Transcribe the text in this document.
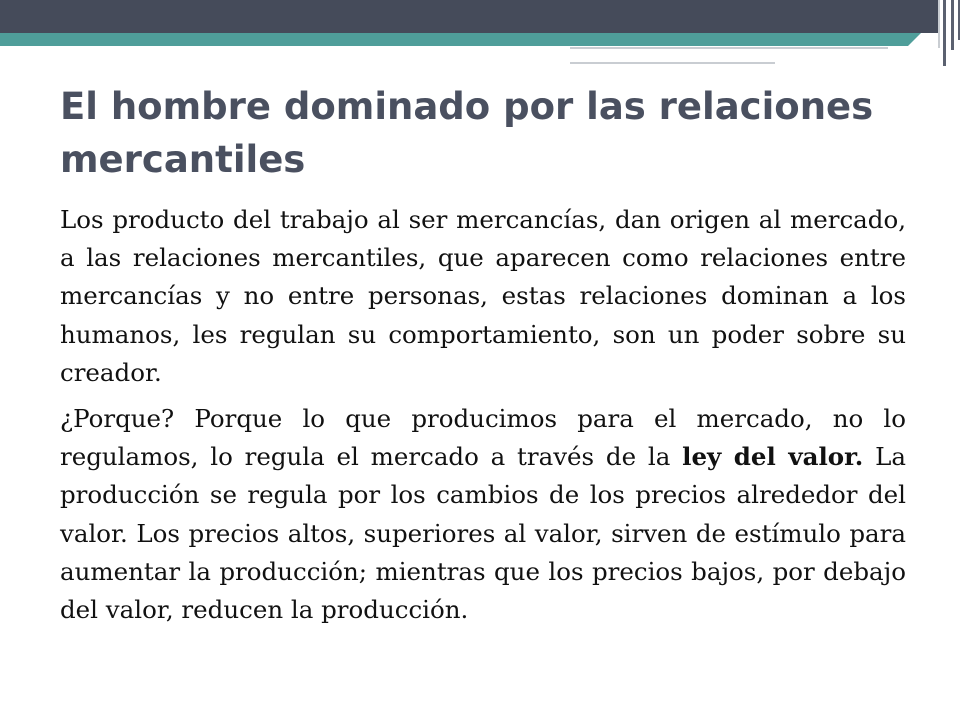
El hombre dominado por las relaciones mercantiles

Los producto del trabajo al ser mercancías, dan origen al mercado, a las relaciones mercantiles, que aparecen como relaciones entre mercancías y no entre personas, estas relaciones dominan a los humanos, les regulan su comportamiento, son un poder sobre su creador.

¿Porque? Porque lo que producimos para el mercado, no lo regulamos, lo regula el mercado a través de la ley del valor. La producción se regula por los cambios de los precios alrededor del valor. Los precios altos, superiores al valor, sirven de estímulo para aumentar la producción; mientras que los precios bajos, por debajo del valor, reducen la producción.
